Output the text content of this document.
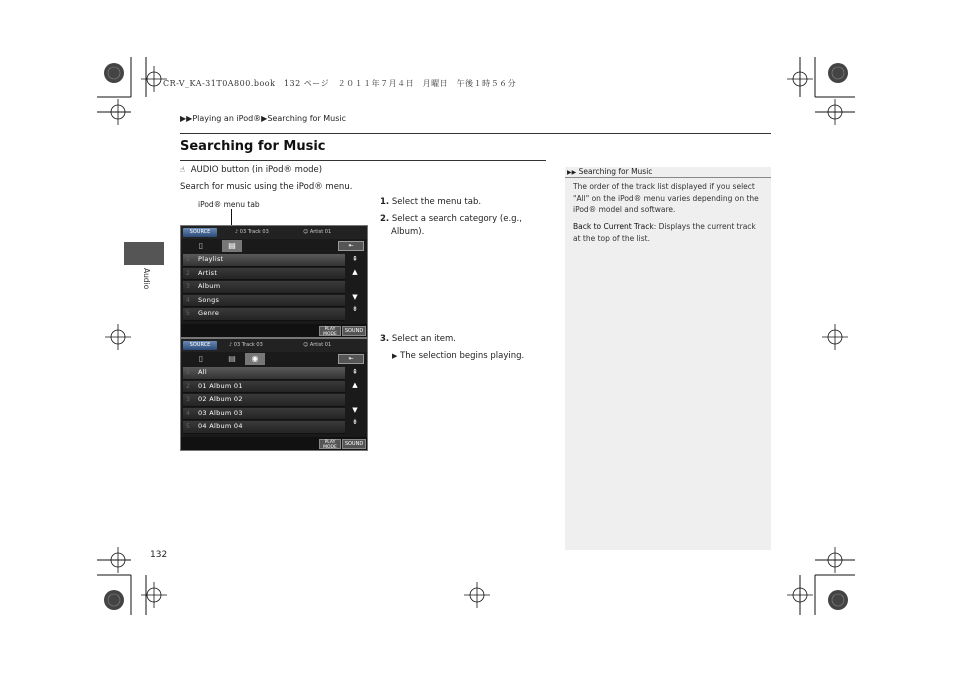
CR-V_KA-31T0A800.book　132 ページ　２０１１年７月４日　月曜日　午後１時５６分
▶▶Playing an iPod®▶Searching for Music
Searching for Music
☝ AUDIO button (in iPod® mode)
Search for music using the iPod® menu.
iPod® menu tab	1. Select the menu tab.
2. Select a search category (e.g.,
Album).
3. Select an item.
▶ The selection begins playing.
SOURCE	♪ 03 Track 03	☺ Artist 01
▯	▤	⇤
1 Playlist
2 Artist
3 Album
4 Songs
5 Genre
⇞
▲
▼
⇟
PLAY MODE
SOUND
SOURCE	♪ 03 Track 03	☺ Artist 01
▯	▤	◉	⇤
1 All
2 01 Album 01
3 02 Album 02
4 03 Album 03
5 04 Album 04
⇞
▲
▼
⇟
PLAY MODE
SOUND
Audio
132
▶▶ Searching for Music
The order of the track list displayed if you select "All" on the iPod® menu varies depending on the iPod® model and software.
Back to Current Track: Displays the current track at the top of the list.
